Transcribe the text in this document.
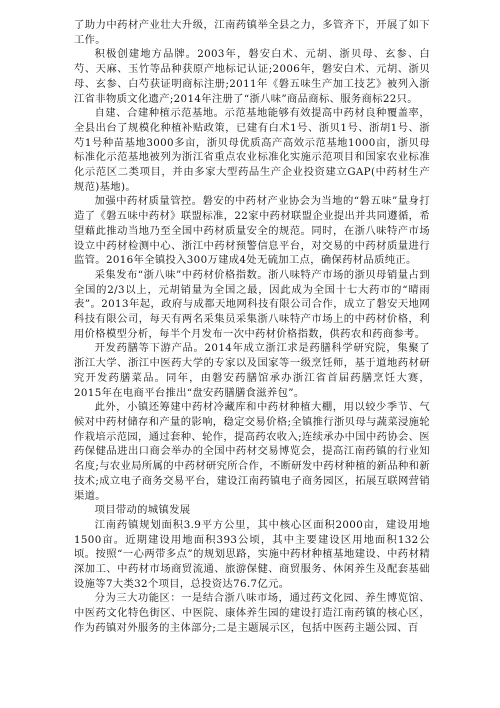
了助力中药材产业壮大升级，江南药镇举全县之力，多管齐下，开展了如下工作。

积极创建地方品牌。2003年，磐安白术、元胡、浙贝母、玄参、白芍、天麻、玉竹等品种获原产地标记认证;2006年，磐安白术、元胡、浙贝母、玄参、白芍获证明商标注册;2011年《磐五味生产加工技艺》被列入浙江省非物质文化遗产;2014年注册了“浙八味”商品商标、服务商标22只。

自建、合建种植示范基地。示范基地能够有效提高中药材良种覆盖率，全县出台了规模化种植补贴政策，已建有白术1号、浙贝1号、浙胡1号、浙芍1号种苗基地3000多亩，浙贝母优质高产高效示范基地1000亩，浙贝母标准化示范基地被列为浙江省重点农业标准化实施示范项目和国家农业标准化示范区二类项目，并由多家大型药品生产企业投资建立GAP(中药材生产规范)基地)。

加强中药材质量管控。磐安的中药材产业协会为当地的“磐五味”量身打造了《磐五味中药材》联盟标准，22家中药材联盟企业提出并共同遵循，希望藉此推动当地乃至全国中药材质量安全的规范。同时，在浙八味特产市场设立中药材检测中心、浙江中药材预警信息平台，对交易的中药材质量进行监管。2016年全镇投入300万建成4处无硫加工点，确保药材品质纯正。

采集发布“浙八味”中药材价格指数。浙八味特产市场的浙贝母销量占到全国的2/3以上，元胡销量为全国之最，因此成为全国十七大药市的“晴雨表”。2013年起，政府与成都天地网科技有限公司合作，成立了磐安天地网科技有限公司，每天有两名采集员采集浙八味特产市场上的中药材价格，利用价格模型分析，每半个月发布一次中药材价格指数，供药农和药商参考。

开发药膳等下游产品。2014年成立浙江求是药膳科学研究院，集聚了浙江大学、浙江中医药大学的专家以及国家等一级烹饪师，基于道地药材研究开发药膳菜品。同年，由磐安药膳馆承办浙江省首届药膳烹饪大赛，2015年在电商平台推出“盘安药膳膳食滋养包”。

此外，小镇还筹建中药材冷藏库和中药材种植大棚，用以较少季节、气候对中药材储存和产量的影响，稳定交易价格;全镇推行浙贝母与蔬菜浸施轮作栽培示范园，通过套种、轮作，提高药农收入;连续承办中国中药协会、医药保健品进出口商会举办的全国中药材交易博览会，提高江南药镇的行业知名度;与农业局所属的中药材研究所合作，不断研发中药材种植的新品种和新技术;成立电子商务交易平台，建设江南药镇电子商务园区，拓展互联网营销渠道。

项目带动的城镇发展

江南药镇规划面积3.9平方公里，其中核心区面积2000亩，建设用地1500亩。近期建设用地面积393公顷，其中主要建设区用地面积132公顷。按照“一心两带多点”的规划思路，实施中药材种植基地建设、中药材精深加工、中药材市场商贸流通、旅游保健、商贸服务、休闲养生及配套基础设施等7大类32个项目，总投资达76.7亿元。

分为三大功能区：一是结合浙八味市场，通过药文化园、养生博览馆、中医药文化特色街区、中医院、康体养生园的建设打造江南药镇的核心区，作为药镇对外服务的主体部分;二是主题展示区，包括中医药主题公园、百
